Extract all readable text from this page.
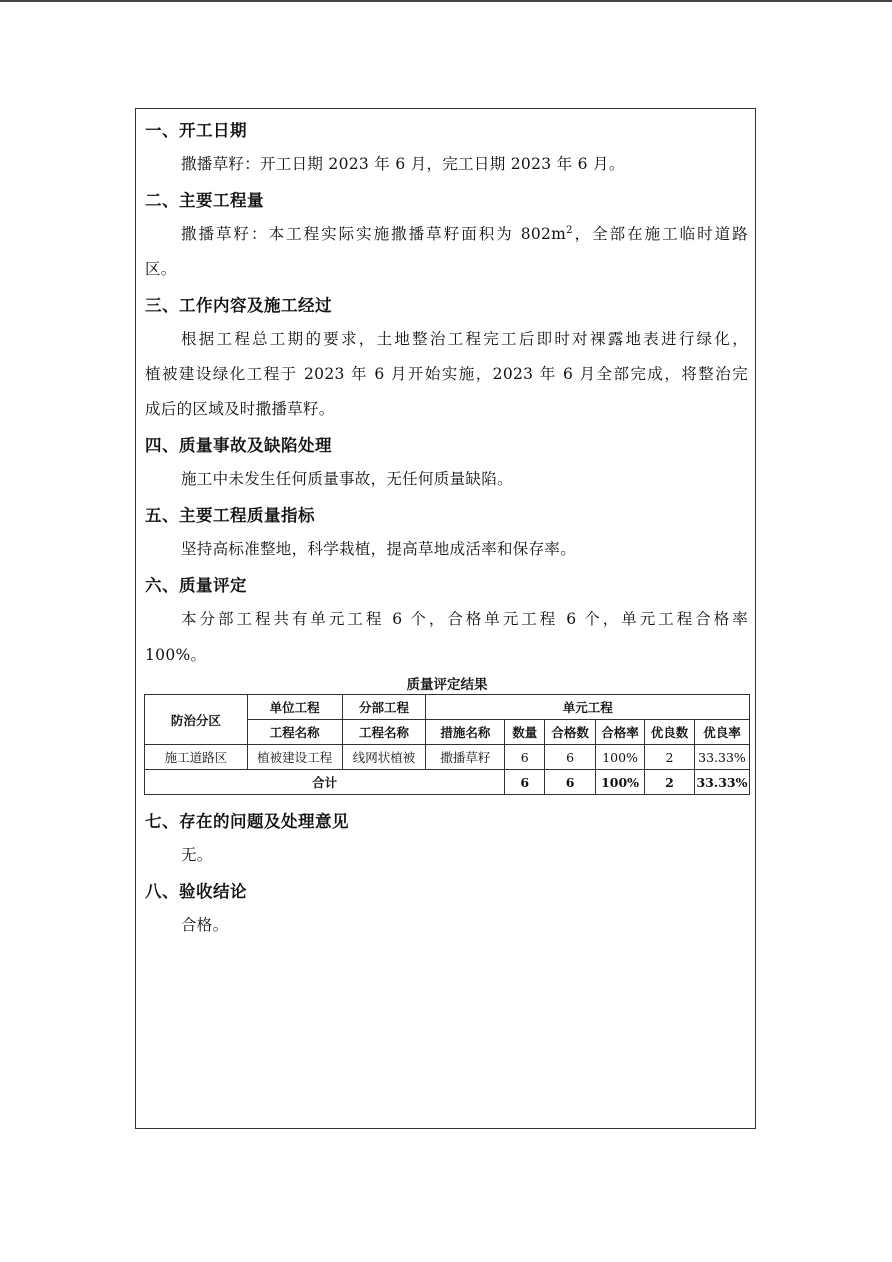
一、开工日期
撒播草籽：开工日期 2023 年 6 月，完工日期 2023 年 6 月。
二、主要工程量
撒播草籽：本工程实际实施撒播草籽面积为 $802m^2$，全部在施工临时道路
区。
三、工作内容及施工经过
根据工程总工期的要求，土地整治工程完工后即时对裸露地表进行绿化，
植被建设绿化工程于 2023 年 6 月开始实施，2023 年 6 月全部完成，将整治完
成后的区域及时撒播草籽。
四、质量事故及缺陷处理
施工中未发生任何质量事故，无任何质量缺陷。
五、主要工程质量指标
坚持高标准整地，科学栽植，提高草地成活率和保存率。
六、质量评定
本分部工程共有单元工程 6 个，合格单元工程 6 个，单元工程合格率
100%。
质量评定结果
防治分区	单位工程	分部工程	单元工程					
	工程名称	工程名称	措施名称	数量	合格数	合格率	优良数	优良率
施工道路区	植被建设工程	线网状植被	撒播草籽	6	6	100%	2	33.33%
合计				6	6	100%	2	33.33%
七、存在的问题及处理意见
无。
八、验收结论
合格。
